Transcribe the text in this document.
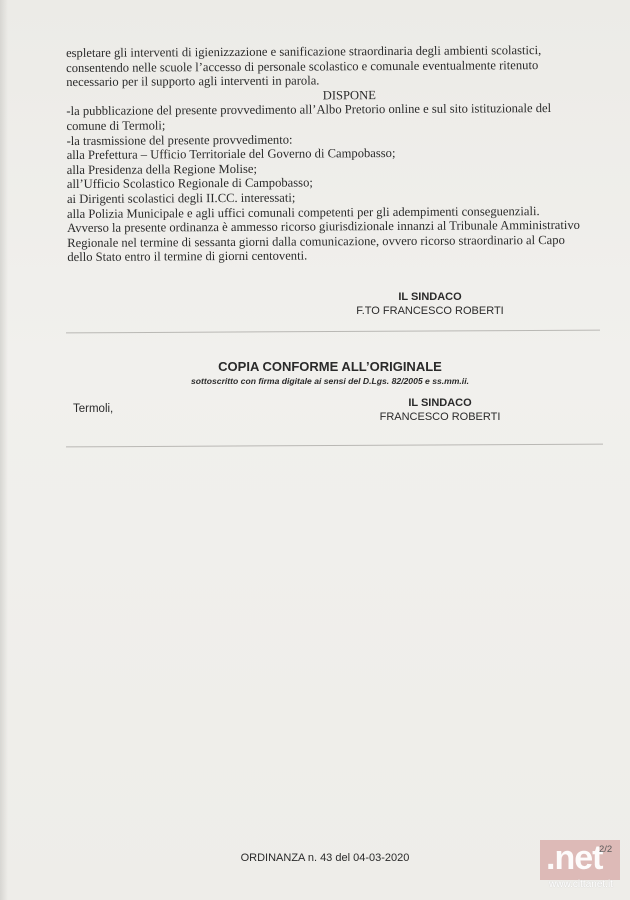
espletare gli interventi di igienizzazione e sanificazione straordinaria degli ambienti scolastici,

consentendo nelle scuole l’accesso di personale scolastico e comunale eventualmente ritenuto

necessario per il supporto agli interventi in parola.

DISPONE

-la pubblicazione del presente provvedimento all’Albo Pretorio online e sul sito istituzionale del

comune di Termoli;

-la trasmissione del presente provvedimento:

alla Prefettura – Ufficio Territoriale del Governo di Campobasso;

alla Presidenza della Regione Molise;

all’Ufficio Scolastico Regionale di Campobasso;

ai Dirigenti scolastici degli II.CC. interessati;

alla Polizia Municipale e agli uffici comunali competenti per gli adempimenti conseguenziali.

Avverso la presente ordinanza è ammesso ricorso giurisdizionale innanzi al Tribunale Amministrativo

Regionale nel termine di sessanta giorni dalla comunicazione, ovvero ricorso straordinario al Capo

dello Stato entro il termine di giorni centoventi.

IL SINDACO
F.TO FRANCESCO ROBERTI
COPIA CONFORME ALL’ORIGINALE
sottoscritto con firma digitale ai sensi del D.Lgs. 82/2005 e ss.mm.ii.
Termoli,	IL SINDACO
FRANCESCO ROBERTI
ORDINANZA n. 43 del 04-03-2020	.net
2/2
www.cittanet.it
